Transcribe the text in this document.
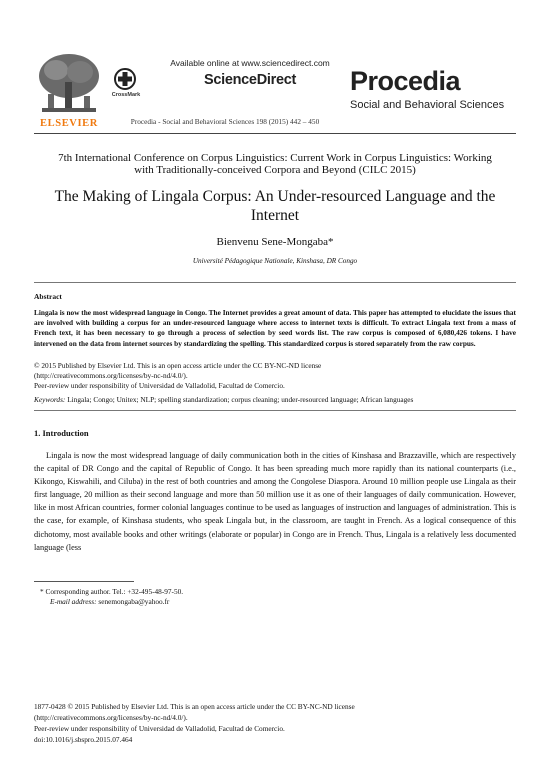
ELSEVIER
Available online at www.sciencedirect.com
CrossMark
ScienceDirect
Procedia - Social and Behavioral Sciences 198 (2015) 442 – 450
Procedia
Social and Behavioral Sciences
7th International Conference on Corpus Linguistics: Current Work in Corpus Linguistics: Working with Traditionally-conceived Corpora and Beyond (CILC 2015)
The Making of Lingala Corpus: An Under-resourced Language and the Internet
Bienvenu Sene-Mongaba*
Université Pédagogique Nationale, Kinshasa, DR Congo
Abstract
Lingala is now the most widespread language in Congo. The Internet provides a great amount of data. This paper has attempted to elucidate the issues that are involved with building a corpus for an under-resourced language where access to internet texts is difficult. To extract Lingala text from a mass of French text, it has been necessary to go through a process of selection by seed words list. The raw corpus is composed of 6,080,426 tokens. I have intervened on the data from internet sources by standardizing the spelling. This standardized corpus is stored separately from the raw corpus.
© 2015 Published by Elsevier Ltd. This is an open access article under the CC BY-NC-ND license
(http://creativecommons.org/licenses/by-nc-nd/4.0/).
Peer-review under responsibility of Universidad de Valladolid, Facultad de Comercio.
Keywords: Lingala; Congo; Unitex; NLP; spelling standardization; corpus cleaning; under-resourced language; African languages
1. Introduction
Lingala is now the most widespread language of daily communication both in the cities of Kinshasa and Brazzaville, which are respectively the capital of DR Congo and the capital of Republic of Congo. It has been spreading much more rapidly than its national counterparts (i.e., Kikongo, Kiswahili, and Ciluba) in the rest of both countries and among the Congolese Diaspora. Around 10 million people use Lingala as their first language, 20 million as their second language and more than 50 million use it as one of their languages of daily communication. However, like in most African countries, former colonial languages continue to be used as languages of instruction and languages of administration. This is the case, for example, of Kinshasa students, who speak Lingala but, in the classroom, are taught in French. As a logical consequence of this dichotomy, most available books and other writings (elaborate or popular) in Congo are in French. Thus, Lingala is a relatively less documented language (less
* Corresponding author. Tel.: +32-495-48-97-50.
E-mail address: senemongaba@yahoo.fr
1877-0428 © 2015 Published by Elsevier Ltd. This is an open access article under the CC BY-NC-ND license
(http://creativecommons.org/licenses/by-nc-nd/4.0/).
Peer-review under responsibility of Universidad de Valladolid, Facultad de Comercio.
doi:10.1016/j.sbspro.2015.07.464
